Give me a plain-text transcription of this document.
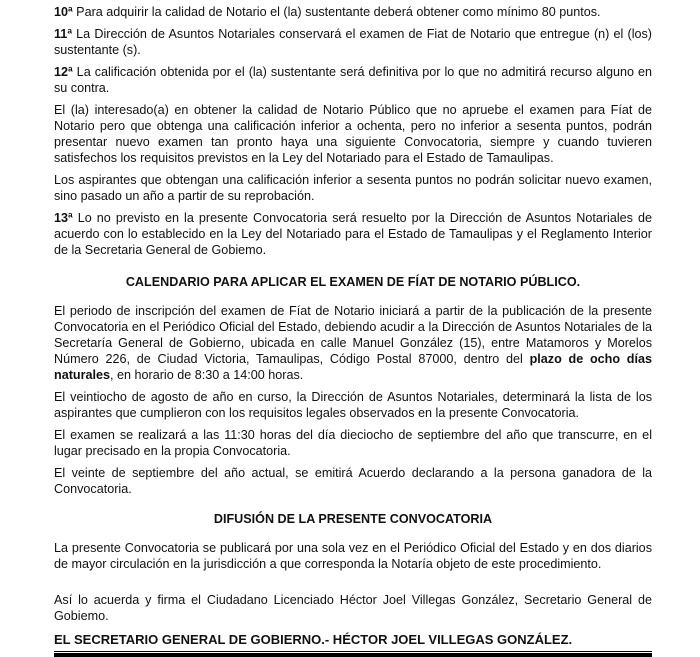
10ª Para adquirir la calidad de Notario el (la) sustentante deberá obtener como mínimo 80 puntos.

11ª La Dirección de Asuntos Notariales conservará el examen de Fiat de Notario que entregue (n) el (los) sustentante (s).

12ª La calificación obtenida por el (la) sustentante será definitiva por lo que no admitirá recurso alguno en su contra.

El (la) interesado(a) en obtener la calidad de Notario Público que no apruebe el examen para Fíat de Notario pero que obtenga una calificación inferior a ochenta, pero no inferior a sesenta puntos, podrán presentar nuevo examen tan pronto haya una siguiente Convocatoria, siempre y cuando tuvieren satisfechos los requisitos previstos en la Ley del Notariado para el Estado de Tamaulipas.

Los aspirantes que obtengan una calificación inferior a sesenta puntos no podrán solicitar nuevo examen, sino pasado un año a partir de su reprobación.

13ª Lo no previsto en la presente Convocatoria será resuelto por la Dirección de Asuntos Notariales de acuerdo con lo establecido en la Ley del Notariado para el Estado de Tamaulipas y el Reglamento Interior de la Secretaria General de Gobiemo.

CALENDARIO PARA APLICAR EL EXAMEN DE FÍAT DE NOTARIO PÚBLICO.

El periodo de inscripción del examen de Fíat de Notario iniciará a partir de la publicación de la presente Convocatoria en el Periódico Oficial del Estado, debiendo acudir a la Dirección de Asuntos Notariales de la Secretaría General de Gobierno, ubicada en calle Manuel González (15), entre Matamoros y Morelos Número 226, de Ciudad Victoria, Tamaulipas, Código Postal 87000, dentro del plazo de ocho días naturales, en horario de 8:30 a 14:00 horas.

El veintiocho de agosto de año en curso, la Dirección de Asuntos Notariales, determinará la lista de los aspirantes que cumplieron con los requisitos legales observados en la presente Convocatoria.

El examen se realizará a las 11:30 horas del día dieciocho de septiembre del año que transcurre, en el lugar precisado en la propia Convocatoria.

El veinte de septiembre del año actual, se emitirá Acuerdo declarando a la persona ganadora de la Convocatoria.

DIFUSIÓN DE LA PRESENTE CONVOCATORIA

La presente Convocatoria se publicará por una sola vez en el Periódico Oficial del Estado y en dos diarios de mayor circulación en la jurisdicción a que corresponda la Notaría objeto de este procedimiento.

Así lo acuerda y firma el Ciudadano Licenciado Héctor Joel Villegas González, Secretario General de Gobiemo.

EL SECRETARIO GENERAL DE GOBIERNO.- HÉCTOR JOEL VILLEGAS GONZÁLEZ.
